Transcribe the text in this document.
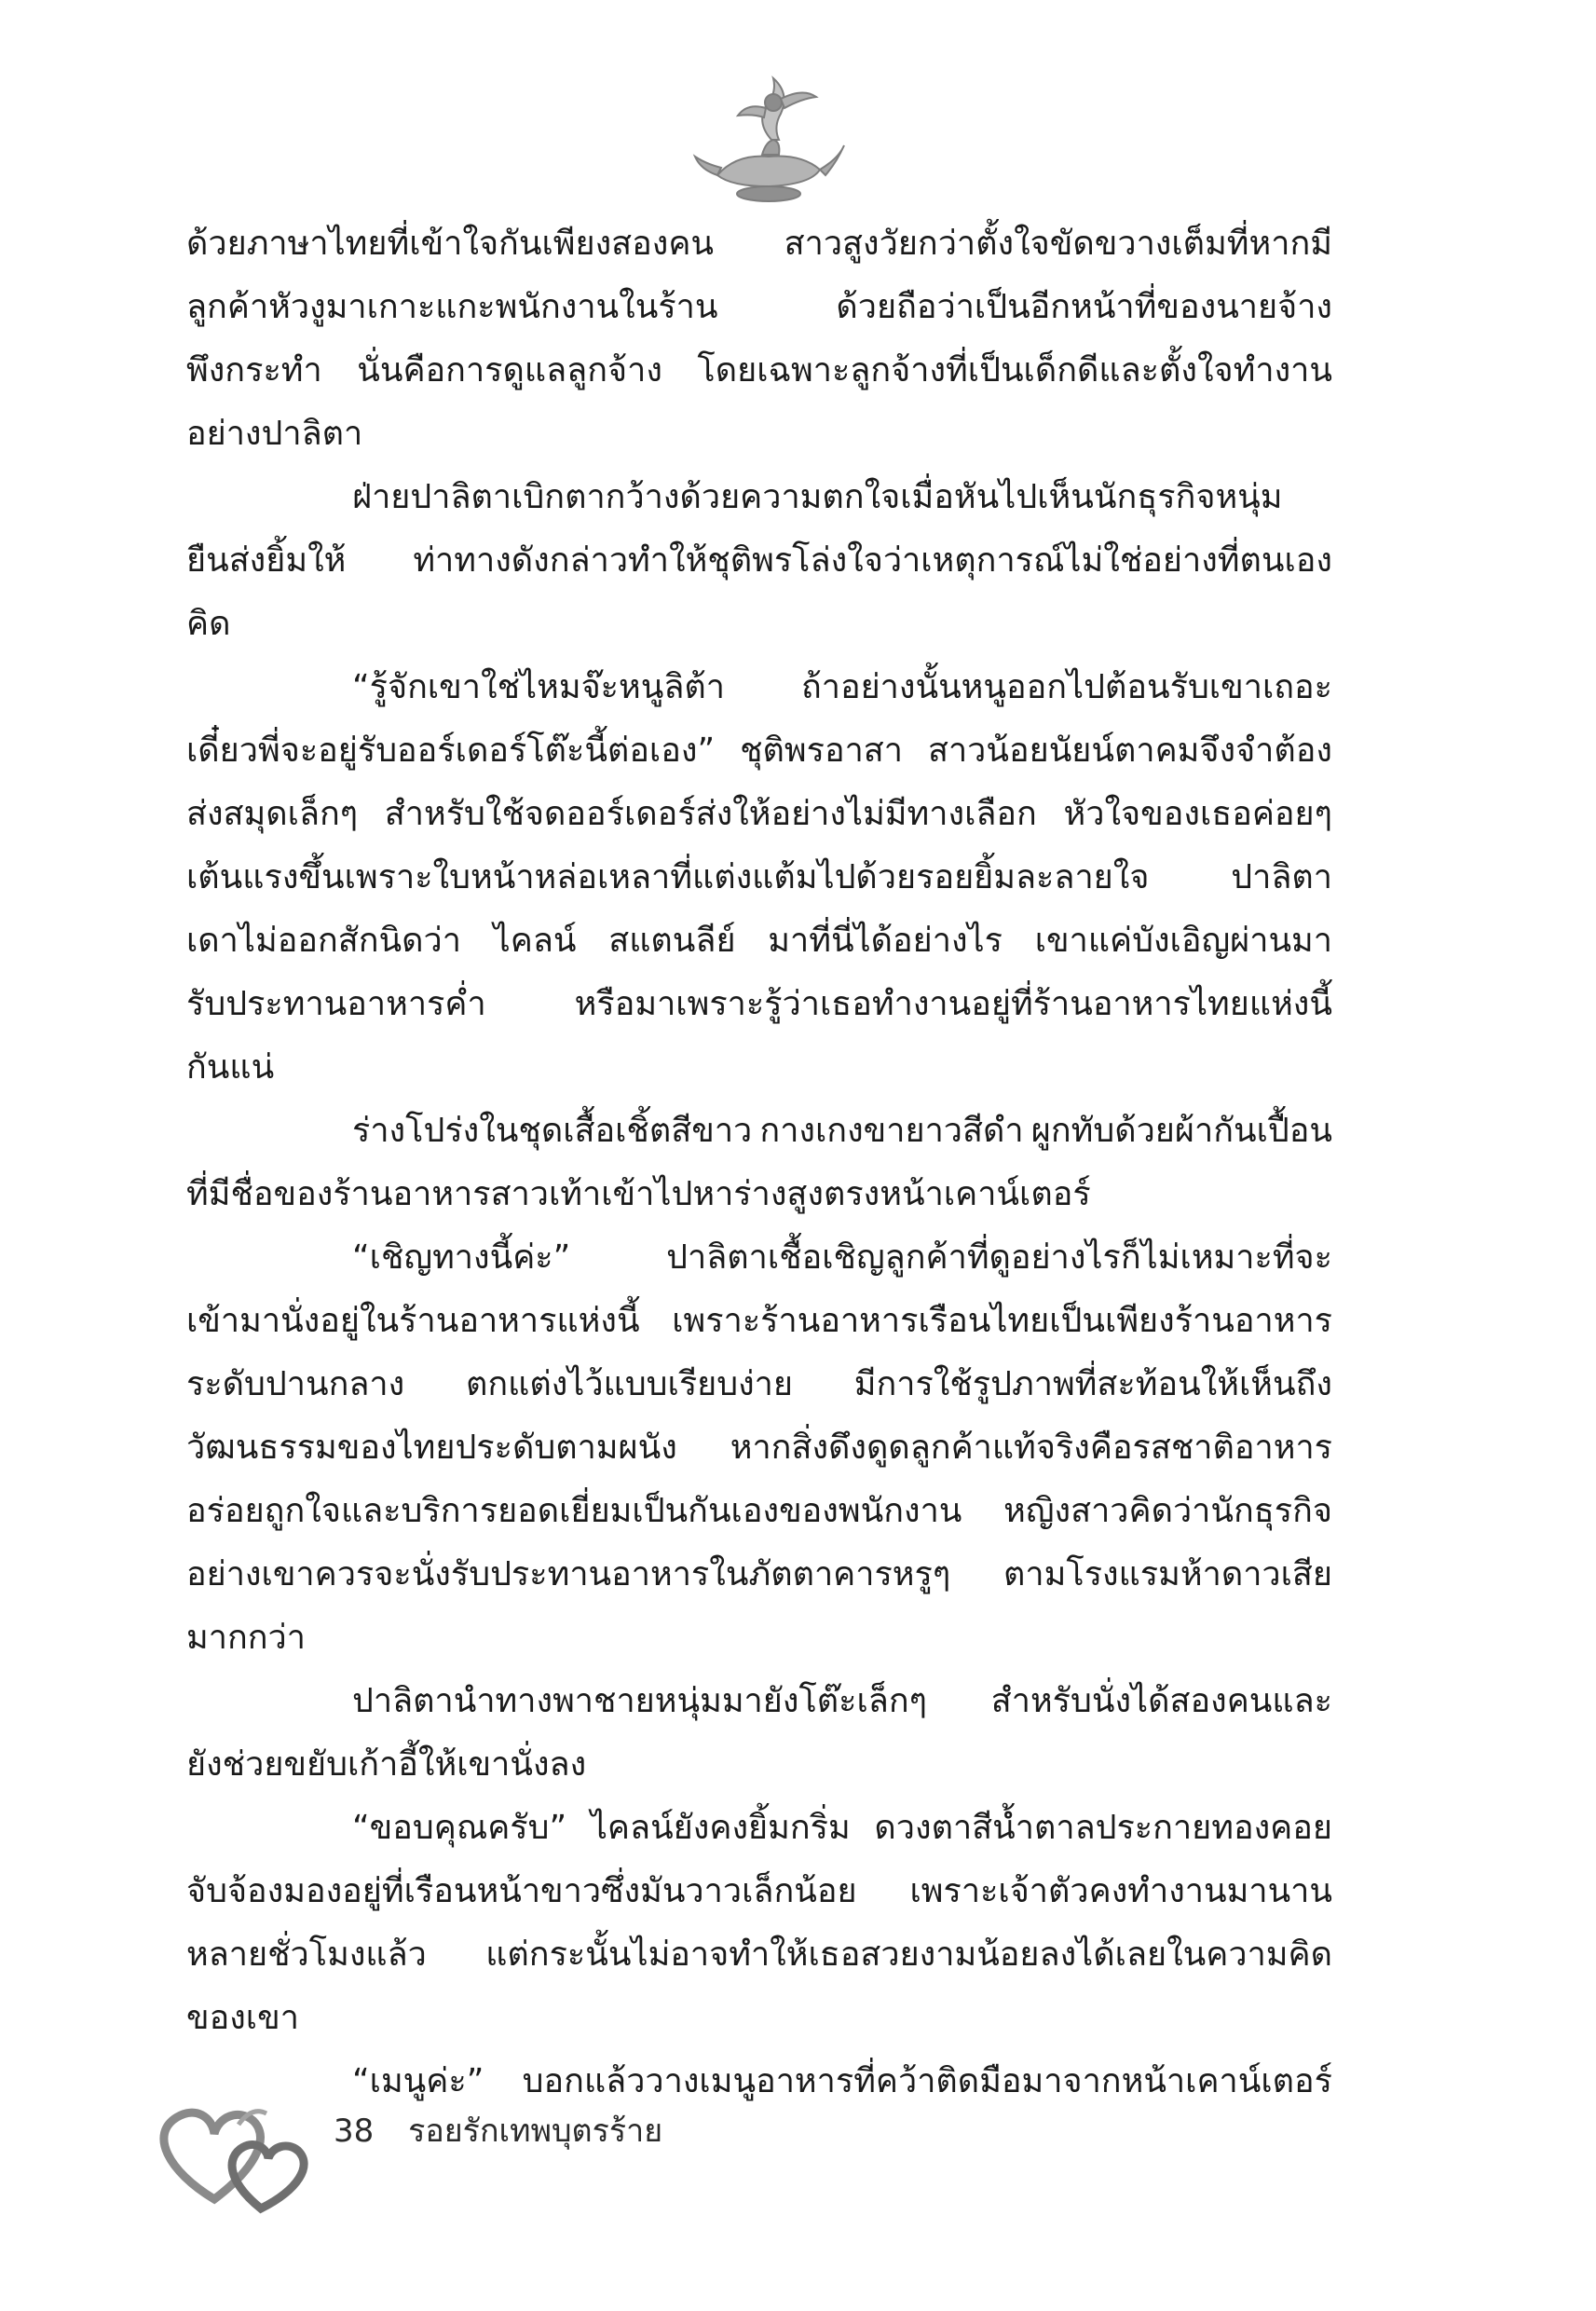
ด้วยภาษาไทยที่เข้าใจกันเพียงสองคน สาวสูงวัยกว่าตั้งใจขัดขวางเต็มที่หากมี
ลูกค้าหัวงูมาเกาะแกะพนักงานในร้าน	ด้วยถือว่าเป็นอีกหน้าที่ของนายจ้าง
พึงกระทำ นั่นคือการดูแลลูกจ้าง โดยเฉพาะลูกจ้างที่เป็นเด็กดีและตั้งใจทำงาน
อย่างปาลิตา
ฝ่ายปาลิตาเบิกตากว้างด้วยความตกใจเมื่อหันไปเห็นนักธุรกิจหนุ่ม
ยืนส่งยิ้มให้ ท่าทางดังกล่าวทำให้ชุติพรโล่งใจว่าเหตุการณ์ไม่ใช่อย่างที่ตนเอง
คิด
“รู้จักเขาใช่ไหมจ๊ะหนูลิต้า ถ้าอย่างนั้นหนูออกไปต้อนรับเขาเถอะ
เดี๋ยวพี่จะอยู่รับออร์เดอร์โต๊ะนี้ต่อเอง” ชุติพรอาสา สาวน้อยนัยน์ตาคมจึงจำต้อง
ส่งสมุดเล็กๆ สำหรับใช้จดออร์เดอร์ส่งให้อย่างไม่มีทางเลือก หัวใจของเธอค่อยๆ
เต้นแรงขึ้นเพราะใบหน้าหล่อเหลาที่แต่งแต้มไปด้วยรอยยิ้มละลายใจ ปาลิตา
เดาไม่ออกสักนิดว่า ไคลน์ สแตนลีย์ มาที่นี่ได้อย่างไร เขาแค่บังเอิญผ่านมา
รับประทานอาหารค่ำ	หรือมาเพราะรู้ว่าเธอทำงานอยู่ที่ร้านอาหารไทยแห่งนี้
กันแน่
ร่างโปร่งในชุดเสื้อเชิ้ตสีขาว กางเกงขายาวสีดำ ผูกทับด้วยผ้ากันเปื้อน
ที่มีชื่อของร้านอาหารสาวเท้าเข้าไปหาร่างสูงตรงหน้าเคาน์เตอร์
“เชิญทางนี้ค่ะ”	ปาลิตาเชื้อเชิญลูกค้าที่ดูอย่างไรก็ไม่เหมาะที่จะ
เข้ามานั่งอยู่ในร้านอาหารแห่งนี้ เพราะร้านอาหารเรือนไทยเป็นเพียงร้านอาหาร
ระดับปานกลาง ตกแต่งไว้แบบเรียบง่าย มีการใช้รูปภาพที่สะท้อนให้เห็นถึง
วัฒนธรรมของไทยประดับตามผนัง หากสิ่งดึงดูดลูกค้าแท้จริงคือรสชาติอาหาร
อร่อยถูกใจและบริการยอดเยี่ยมเป็นกันเองของพนักงาน หญิงสาวคิดว่านักธุรกิจ
อย่างเขาควรจะนั่งรับประทานอาหารในภัตตาคารหรูๆ ตามโรงแรมห้าดาวเสีย
มากกว่า
ปาลิตานำทางพาชายหนุ่มมายังโต๊ะเล็กๆ สำหรับนั่งได้สองคนและ
ยังช่วยขยับเก้าอี้ให้เขานั่งลง
“ขอบคุณครับ” ไคลน์ยังคงยิ้มกริ่ม ดวงตาสีน้ำตาลประกายทองคอย
จับจ้องมองอยู่ที่เรือนหน้าขาวซึ่งมันวาวเล็กน้อย เพราะเจ้าตัวคงทำงานมานาน
หลายชั่วโมงแล้ว แต่กระนั้นไม่อาจทำให้เธอสวยงามน้อยลงได้เลยในความคิด
ของเขา
“เมนูค่ะ” บอกแล้ววางเมนูอาหารที่คว้าติดมือมาจากหน้าเคาน์เตอร์
38 รอยรักเทพบุตรร้าย
